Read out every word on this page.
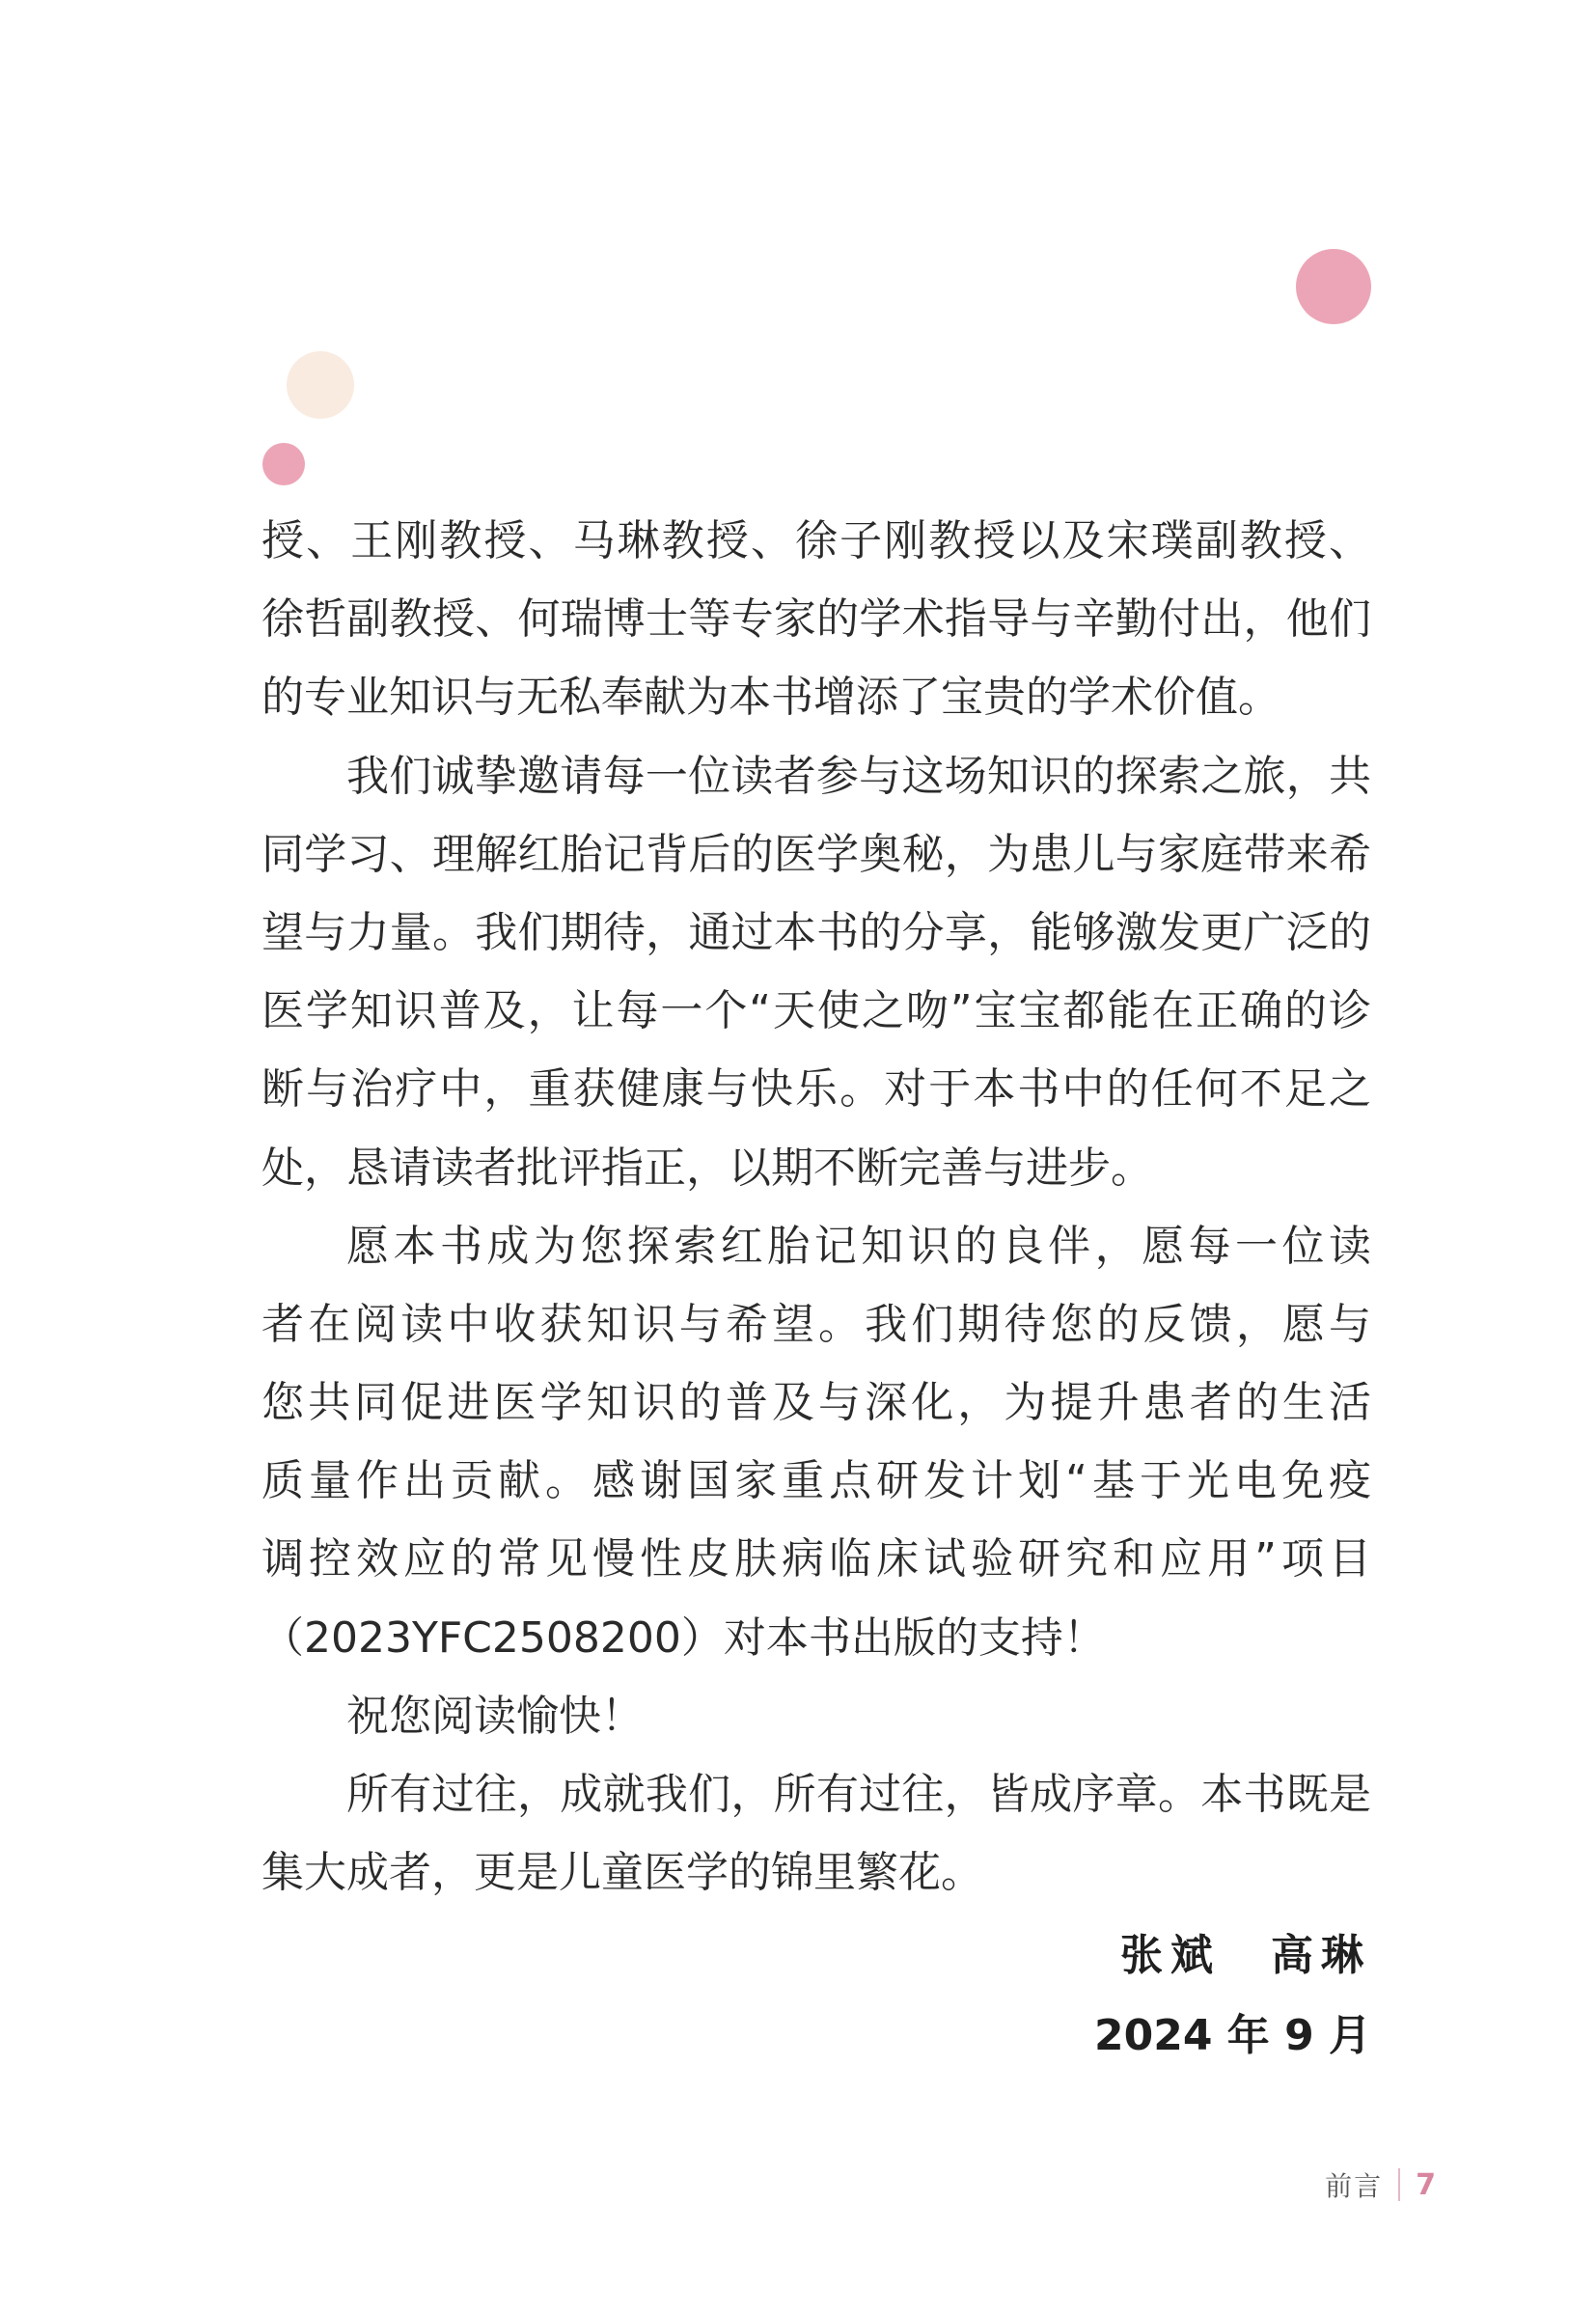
授、王刚教授、马琳教授、徐子刚教授以及宋璞副教授、
徐哲副教授、何瑞博士等专家的学术指导与辛勤付出，他们
的专业知识与无私奉献为本书增添了宝贵的学术价值。
我们诚挚邀请每一位读者参与这场知识的探索之旅，共
同学习、理解红胎记背后的医学奥秘，为患儿与家庭带来希
望与力量。我们期待，通过本书的分享，能够激发更广泛的
医学知识普及，让每一个“天使之吻”宝宝都能在正确的诊
断与治疗中，重获健康与快乐。对于本书中的任何不足之
处，恳请读者批评指正，以期不断完善与进步。
愿本书成为您探索红胎记知识的良伴，愿每一位读
者在阅读中收获知识与希望。我们期待您的反馈，愿与
您共同促进医学知识的普及与深化，为提升患者的生活
质量作出贡献。感谢国家重点研发计划“基于光电免疫
调控效应的常见慢性皮肤病临床试验研究和应用”项目
（2023YFC2508200）对本书出版的支持！
祝您阅读愉快！
所有过往，成就我们，所有过往，皆成序章。本书既是
集大成者，更是儿童医学的锦里繁花。
张斌　高琳
2024 年 9 月
前言 7
